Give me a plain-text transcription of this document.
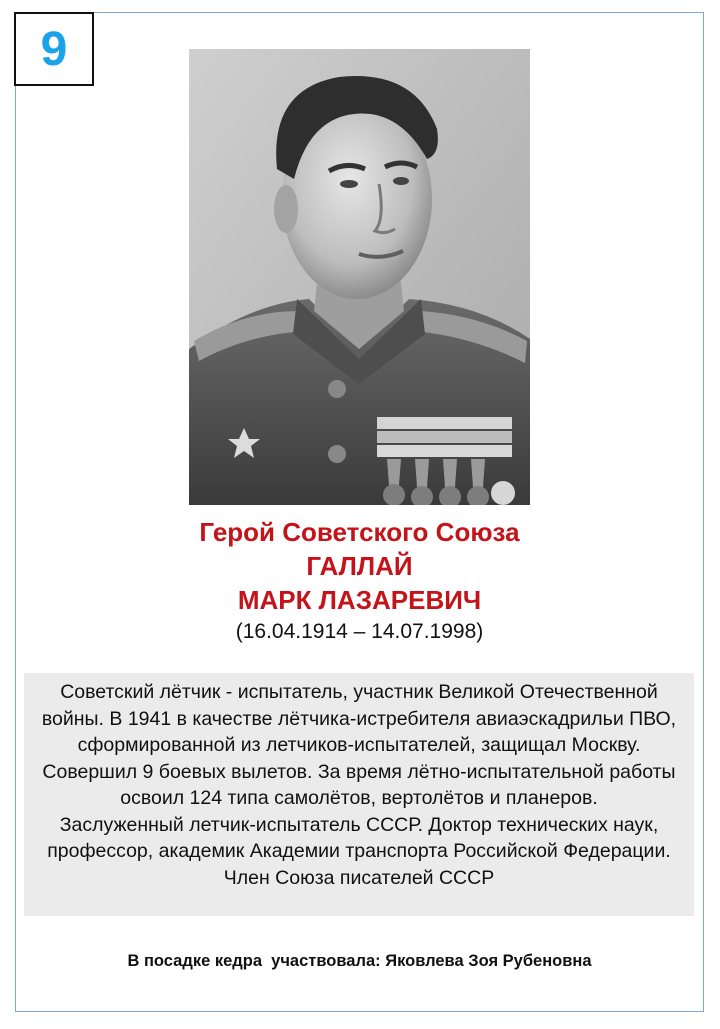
9

Герой Советского Союза

ГАЛЛАЙ

МАРК ЛАЗАРЕВИЧ

(16.04.1914 – 14.07.1998)

Советский лётчик - испытатель, участник Великой Отечественной войны. В 1941 в качестве лётчика-истребителя авиаэскадрильи ПВО, сформированной из летчиков-испытателей, защищал Москву. Совершил 9 боевых вылетов. За время лётно-испытательной работы освоил 124 типа самолётов, вертолётов и планеров.

Заслуженный летчик-испытатель СССР. Доктор технических наук, профессор, академик Академии транспорта Российской Федерации. Член Союза писателей СССР

В посадке кедра  участвовала: Яковлева Зоя Рубеновна
